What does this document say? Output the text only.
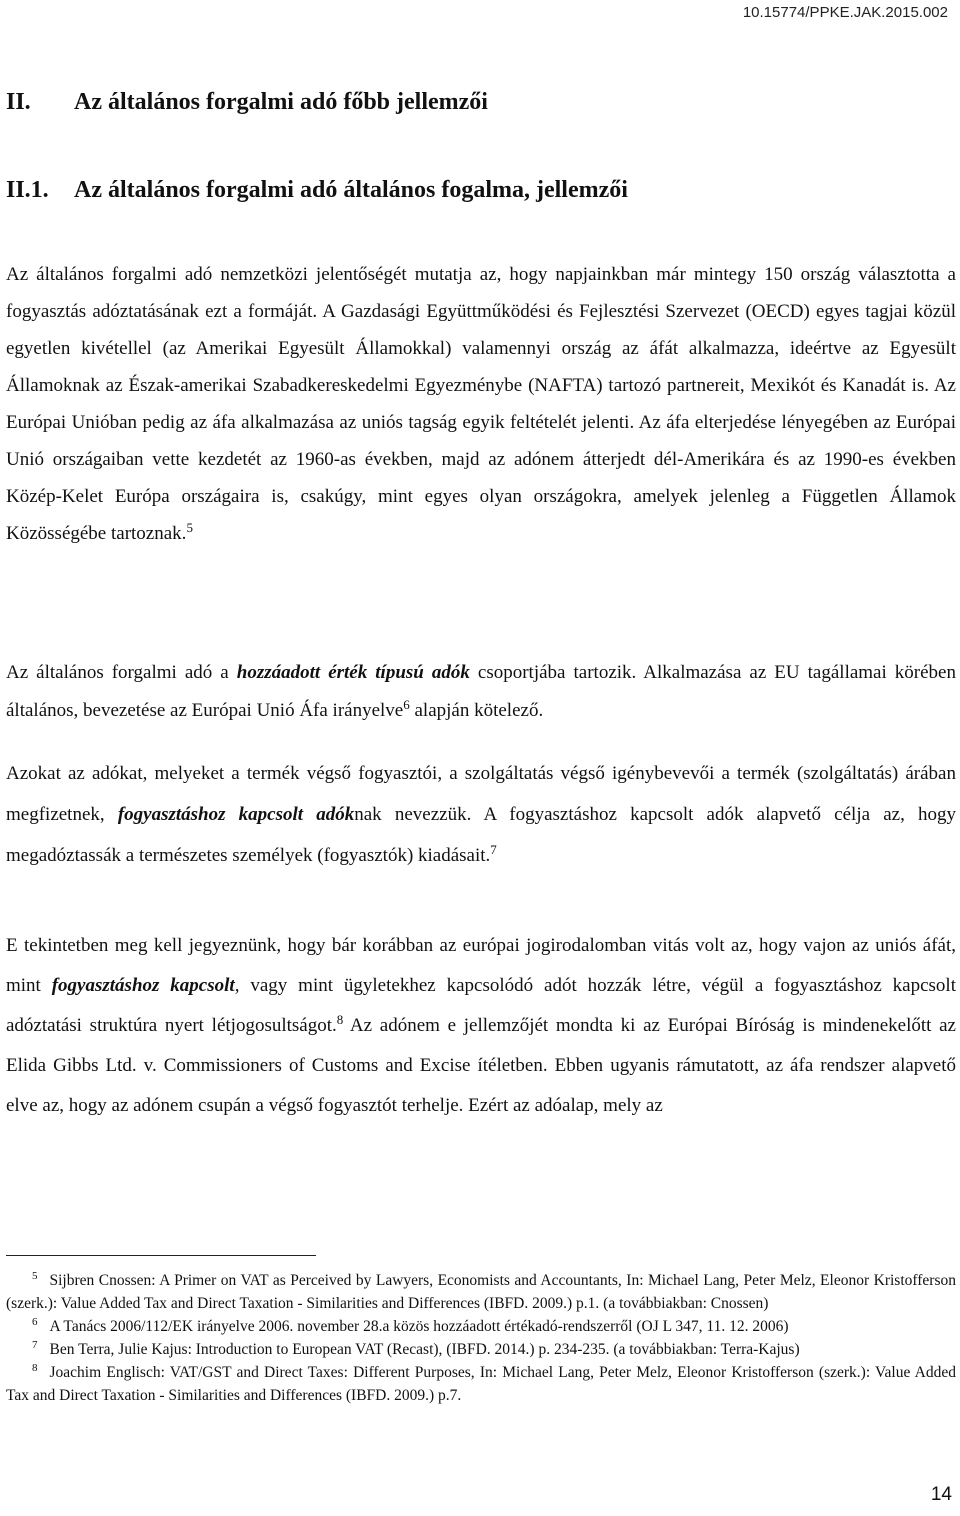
10.15774/PPKE.JAK.2015.002
II. Az általános forgalmi adó főbb jellemzői
II.1. Az általános forgalmi adó általános fogalma, jellemzői

Az általános forgalmi adó nemzetközi jelentőségét mutatja az, hogy napjainkban már mintegy 150 ország választotta a fogyasztás adóztatásának ezt a formáját. A Gazdasági Együttműködési és Fejlesztési Szervezet (OECD) egyes tagjai közül egyetlen kivétellel (az Amerikai Egyesült Államokkal) valamennyi ország az áfát alkalmazza, ideértve az Egyesült Államoknak az Észak-amerikai Szabadkereskedelmi Egyezménybe (NAFTA) tartozó partnereit, Mexikót és Kanadát is. Az Európai Unióban pedig az áfa alkalmazása az uniós tagság egyik feltételét jelenti. Az áfa elterjedése lényegében az Európai Unió országaiban vette kezdetét az 1960-as években, majd az adónem átterjedt dél-Amerikára és az 1990-es években Közép-Kelet Európa országaira is, csakúgy, mint egyes olyan országokra, amelyek jelenleg a Független Államok Közösségébe tartoznak.$^5$

Az általános forgalmi adó a hozzáadott érték típusú adók csoportjába tartozik. Alkalmazása az EU tagállamai körében általános, bevezetése az Európai Unió Áfa irányelve$^6$ alapján kötelező.

Azokat az adókat, melyeket a termék végső fogyasztói, a szolgáltatás végső igénybevevői a termék (szolgáltatás) árában megfizetnek, fogyasztáshoz kapcsolt adóknak nevezzük. A fogyasztáshoz kapcsolt adók alapvető célja az, hogy megadóztassák a természetes személyek (fogyasztók) kiadásait.$^7$

E tekintetben meg kell jegyeznünk, hogy bár korábban az európai jogirodalomban vitás volt az, hogy vajon az uniós áfát, mint fogyasztáshoz kapcsolt, vagy mint ügyletekhez kapcsolódó adót hozzák létre, végül a fogyasztáshoz kapcsolt adóztatási struktúra nyert létjogosultságot.$^8$ Az adónem e jellemzőjét mondta ki az Európai Bíróság is mindenekelőtt az Elida Gibbs Ltd. v. Commissioners of Customs and Excise ítéletben. Ebben ugyanis rámutatott, az áfa rendszer alapvető elve az, hogy az adónem csupán a végső fogyasztót terhelje. Ezért az adóalap, mely az

$^5$ Sijbren Cnossen: A Primer on VAT as Perceived by Lawyers, Economists and Accountants, In: Michael Lang, Peter Melz, Eleonor Kristofferson (szerk.): Value Added Tax and Direct Taxation - Similarities and Differences (IBFD. 2009.) p.1. (a továbbiakban: Cnossen)

$^6$ A Tanács 2006/112/EK irányelve 2006. november 28.a közös hozzáadott értékadó-rendszerről (OJ L 347, 11. 12. 2006)

$^7$ Ben Terra, Julie Kajus: Introduction to European VAT (Recast), (IBFD. 2014.) p. 234-235. (a továbbiakban: Terra-Kajus)

$^8$ Joachim Englisch: VAT/GST and Direct Taxes: Different Purposes, In: Michael Lang, Peter Melz, Eleonor Kristofferson (szerk.): Value Added Tax and Direct Taxation - Similarities and Differences (IBFD. 2009.) p.7.

14
